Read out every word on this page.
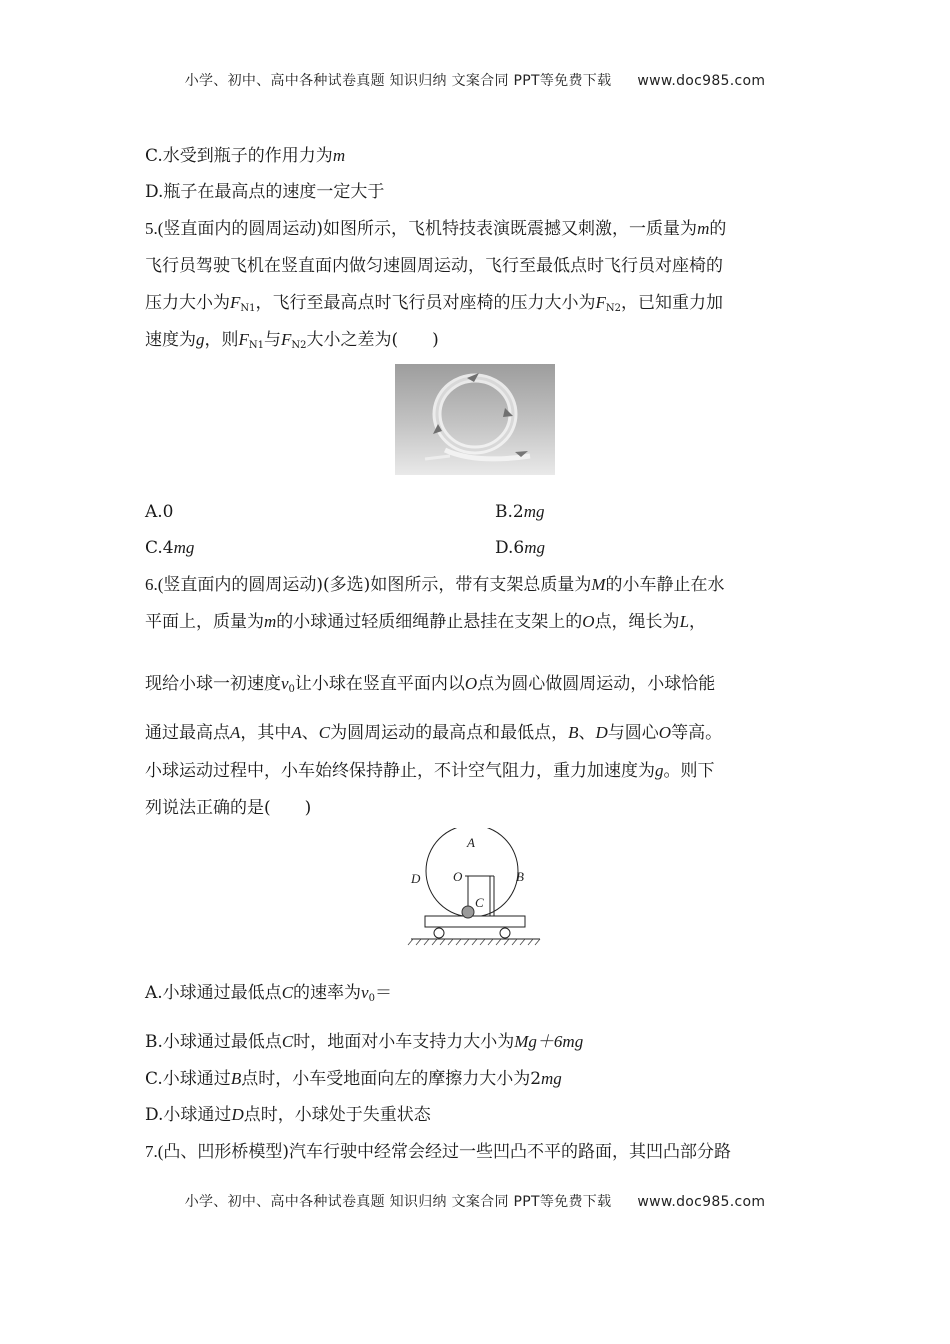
小学、初中、高中各种试卷真题 知识归纳 文案合同 PPT等免费下载 www.doc985.com
C.水受到瓶子的作用力为m
D.瓶子在最高点的速度一定大于
5.(竖直面内的圆周运动)如图所示，飞机特技表演既震撼又刺激，一质量为m的
飞行员驾驶飞机在竖直面内做匀速圆周运动，飞行至最低点时飞行员对座椅的
压力大小为$F_{N1}$，飞行至最高点时飞行员对座椅的压力大小为$F_{N2}$，已知重力加
速度为g，则$F_{N1}$与$F_{N2}$大小之差为(　　)
A.0	B.2mg
C.4mg	D.6mg
6.(竖直面内的圆周运动)(多选)如图所示，带有支架总质量为M的小车静止在水
平面上，质量为m的小球通过轻质细绳静止悬挂在支架上的O点，绳长为L，
现给小球一初速度$v_0$让小球在竖直平面内以O点为圆心做圆周运动，小球恰能
通过最高点A，其中A、C为圆周运动的最高点和最低点，B、D与圆心O等高。
小球运动过程中，小车始终保持静止，不计空气阻力，重力加速度为g。则下
列说法正确的是(　　)
A
B
C
D	O
A.小球通过最低点C的速率为$v_0=$
B.小球通过最低点C时，地面对小车支持力大小为Mg＋6mg
C.小球通过B点时，小车受地面向左的摩擦力大小为2mg
D.小球通过D点时，小球处于失重状态
7.(凸、凹形桥模型)汽车行驶中经常会经过一些凹凸不平的路面，其凹凸部分路
小学、初中、高中各种试卷真题 知识归纳 文案合同 PPT等免费下载 www.doc985.com
